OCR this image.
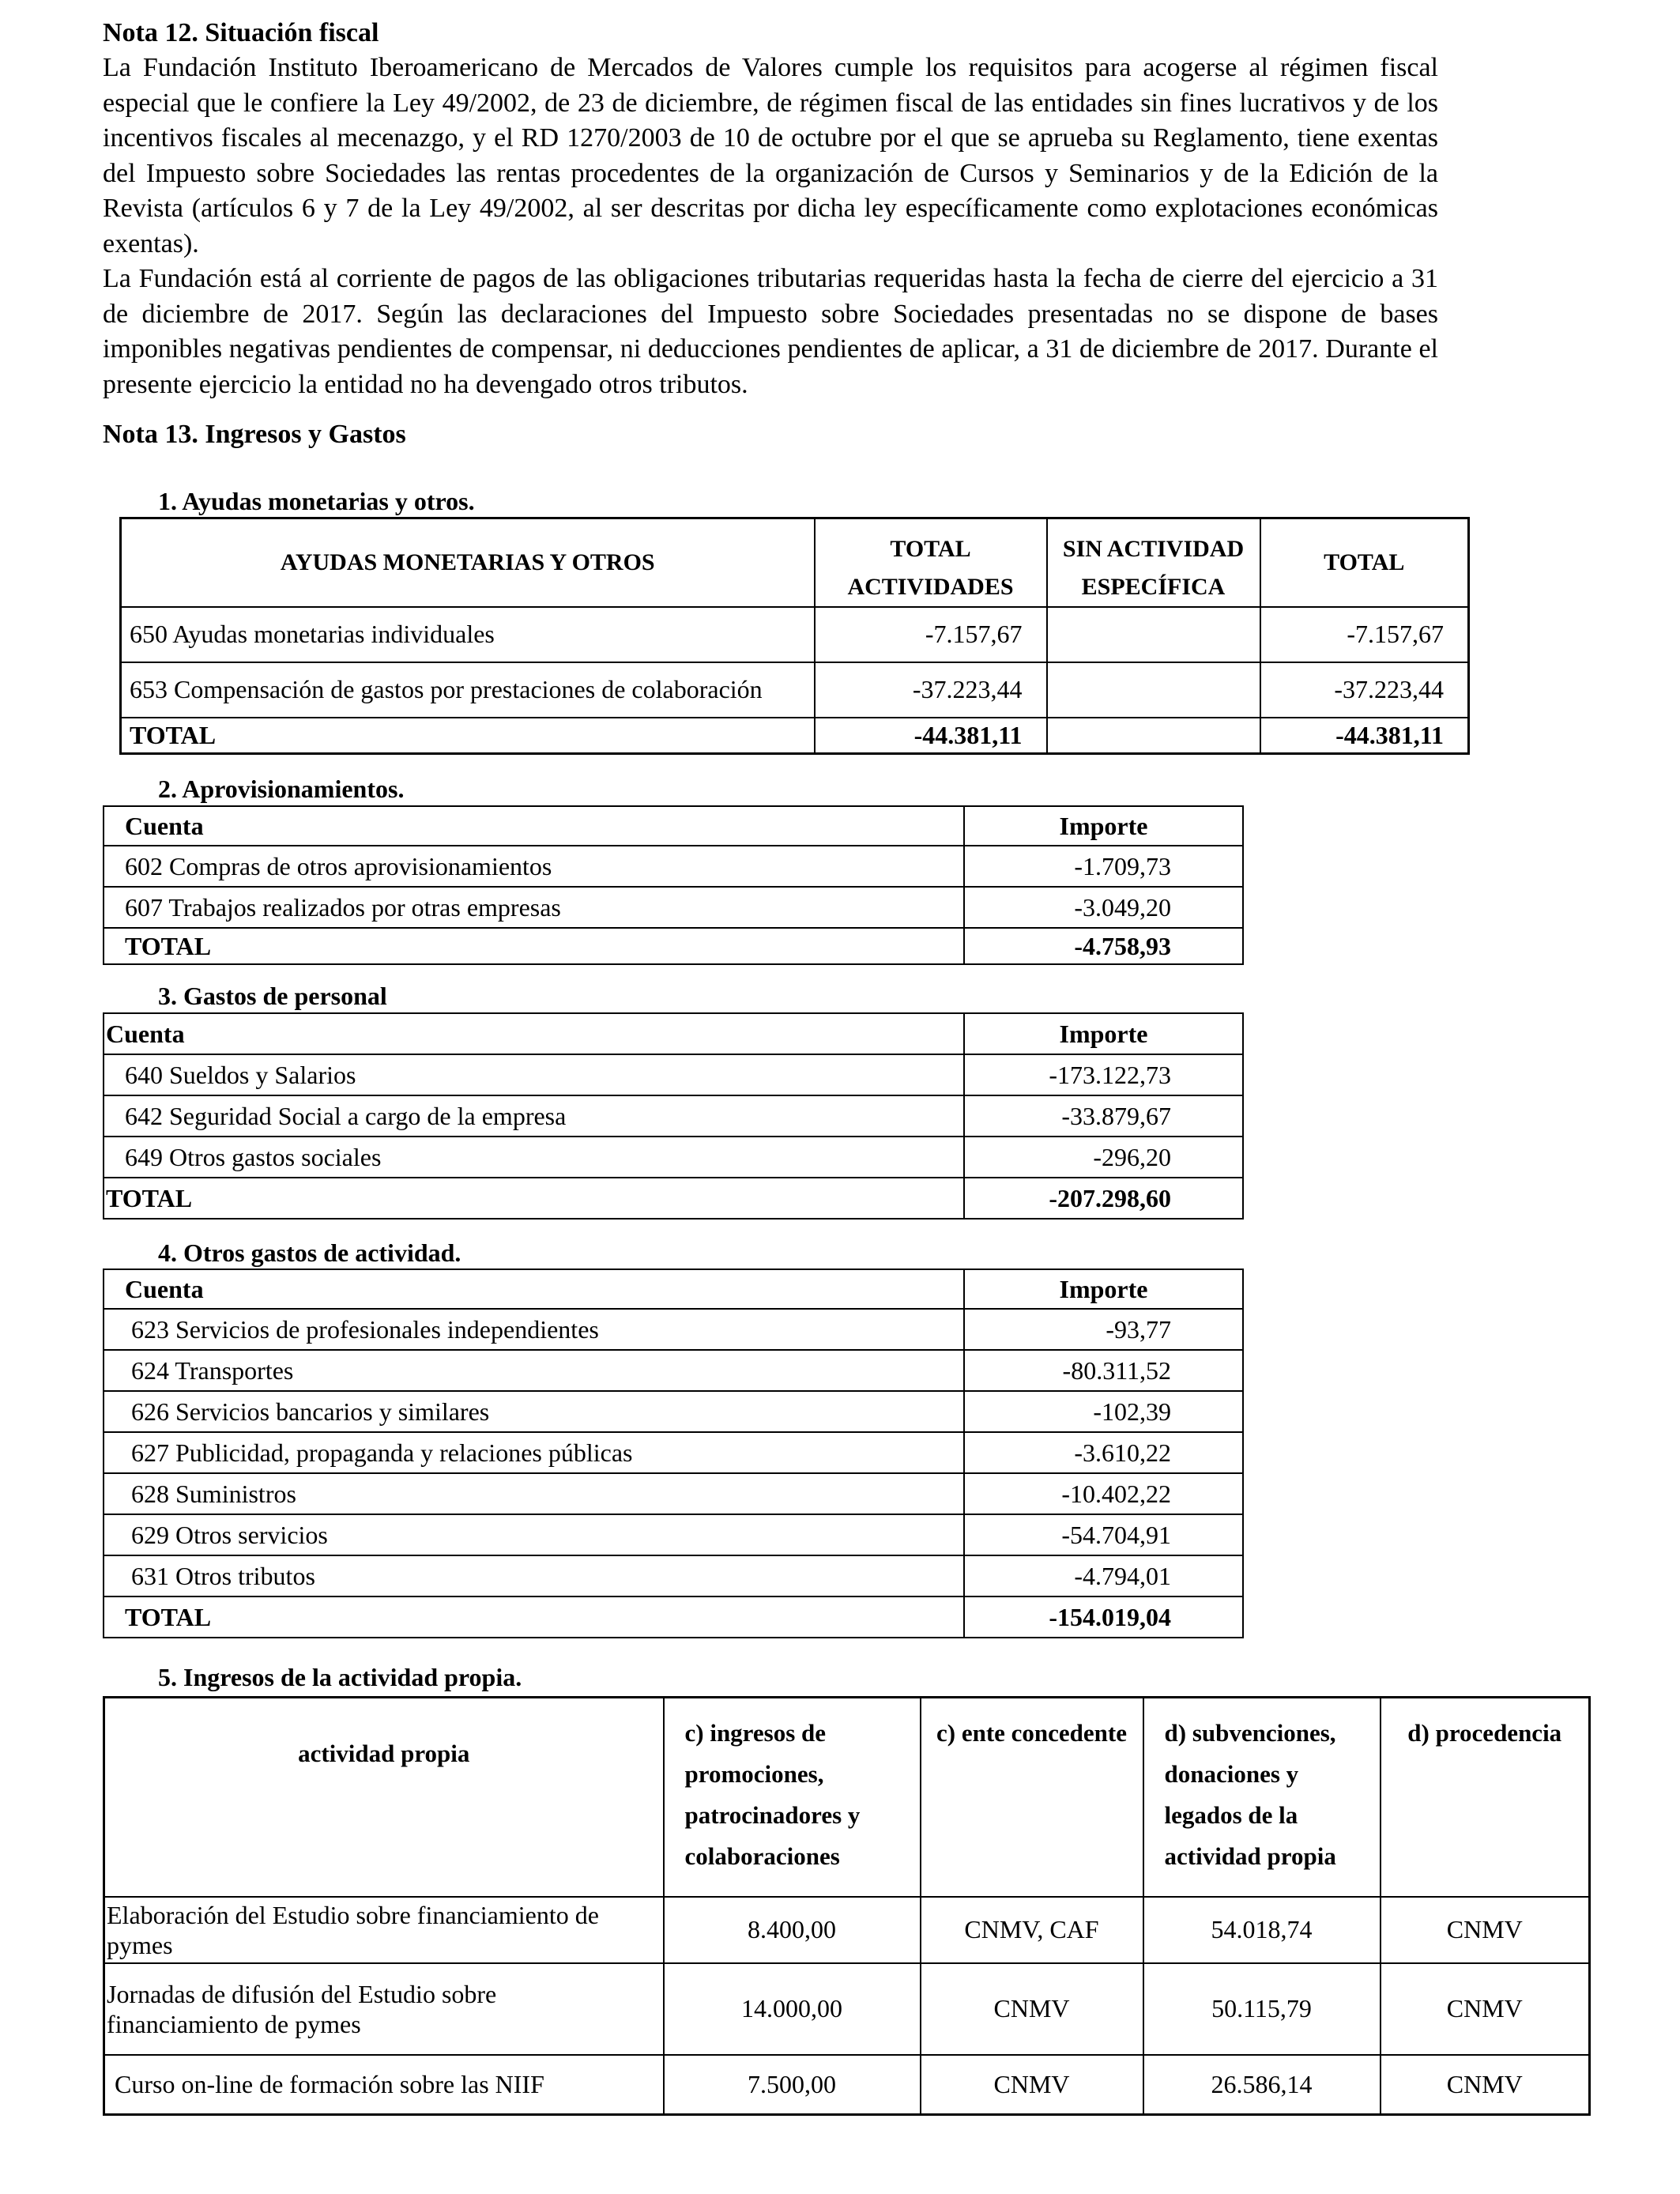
Nota 12. Situación fiscal
La Fundación Instituto Iberoamericano de Mercados de Valores cumple los requisitos para acogerse al régimen fiscal especial que le confiere la Ley 49/2002, de 23 de diciembre, de régimen fiscal de las entidades sin fines lucrativos y de los incentivos fiscales al mecenazgo, y el RD 1270/2003 de 10 de octubre por el que se aprueba su Reglamento, tiene exentas del Impuesto sobre Sociedades las rentas procedentes de la organización de Cursos y Seminarios y de la Edición de la Revista (artículos 6 y 7 de la Ley 49/2002, al ser descritas por dicha ley específicamente como explotaciones económicas exentas).
La Fundación está al corriente de pagos de las obligaciones tributarias requeridas hasta la fecha de cierre del ejercicio a 31 de diciembre de 2017. Según las declaraciones del Impuesto sobre Sociedades presentadas no se dispone de bases imponibles negativas pendientes de compensar, ni deducciones pendientes de aplicar, a 31 de diciembre de 2017. Durante el presente ejercicio la entidad no ha devengado otros tributos.
Nota 13. Ingresos y Gastos
1. Ayudas monetarias y otros.
AYUDAS MONETARIAS Y OTROS	TOTAL ACTIVIDADES	SIN ACTIVIDAD ESPECÍFICA	TOTAL
650 Ayudas monetarias individuales	-7.157,67		-7.157,67
653 Compensación de gastos por prestaciones de colaboración	-37.223,44		-37.223,44
TOTAL	-44.381,11		-44.381,11
2. Aprovisionamientos.
Cuenta	Importe
602 Compras de otros aprovisionamientos	-1.709,73
607 Trabajos realizados por otras empresas	-3.049,20
TOTAL	-4.758,93
3. Gastos de personal
Cuenta	Importe
640 Sueldos y Salarios	-173.122,73
642 Seguridad Social a cargo de la empresa	-33.879,67
649 Otros gastos sociales	-296,20
TOTAL	-207.298,60
4. Otros gastos de actividad.
Cuenta	Importe
623 Servicios de profesionales independientes	-93,77
624 Transportes	-80.311,52
626 Servicios bancarios y similares	-102,39
627 Publicidad, propaganda y relaciones públicas	-3.610,22
628 Suministros	-10.402,22
629 Otros servicios	-54.704,91
631 Otros tributos	-4.794,01
TOTAL	-154.019,04
5. Ingresos de la actividad propia.
actividad propia	c) ingresos de promociones, patrocinadores y colaboraciones	c) ente concedente	d) subvenciones, donaciones y legados de la actividad propia	d) procedencia
Elaboración del Estudio sobre financiamiento de pymes	8.400,00	CNMV, CAF	54.018,74	CNMV
Jornadas de difusión del Estudio sobre financiamiento de pymes	14.000,00	CNMV	50.115,79	CNMV
Curso on-line de formación sobre las NIIF	7.500,00	CNMV	26.586,14	CNMV
